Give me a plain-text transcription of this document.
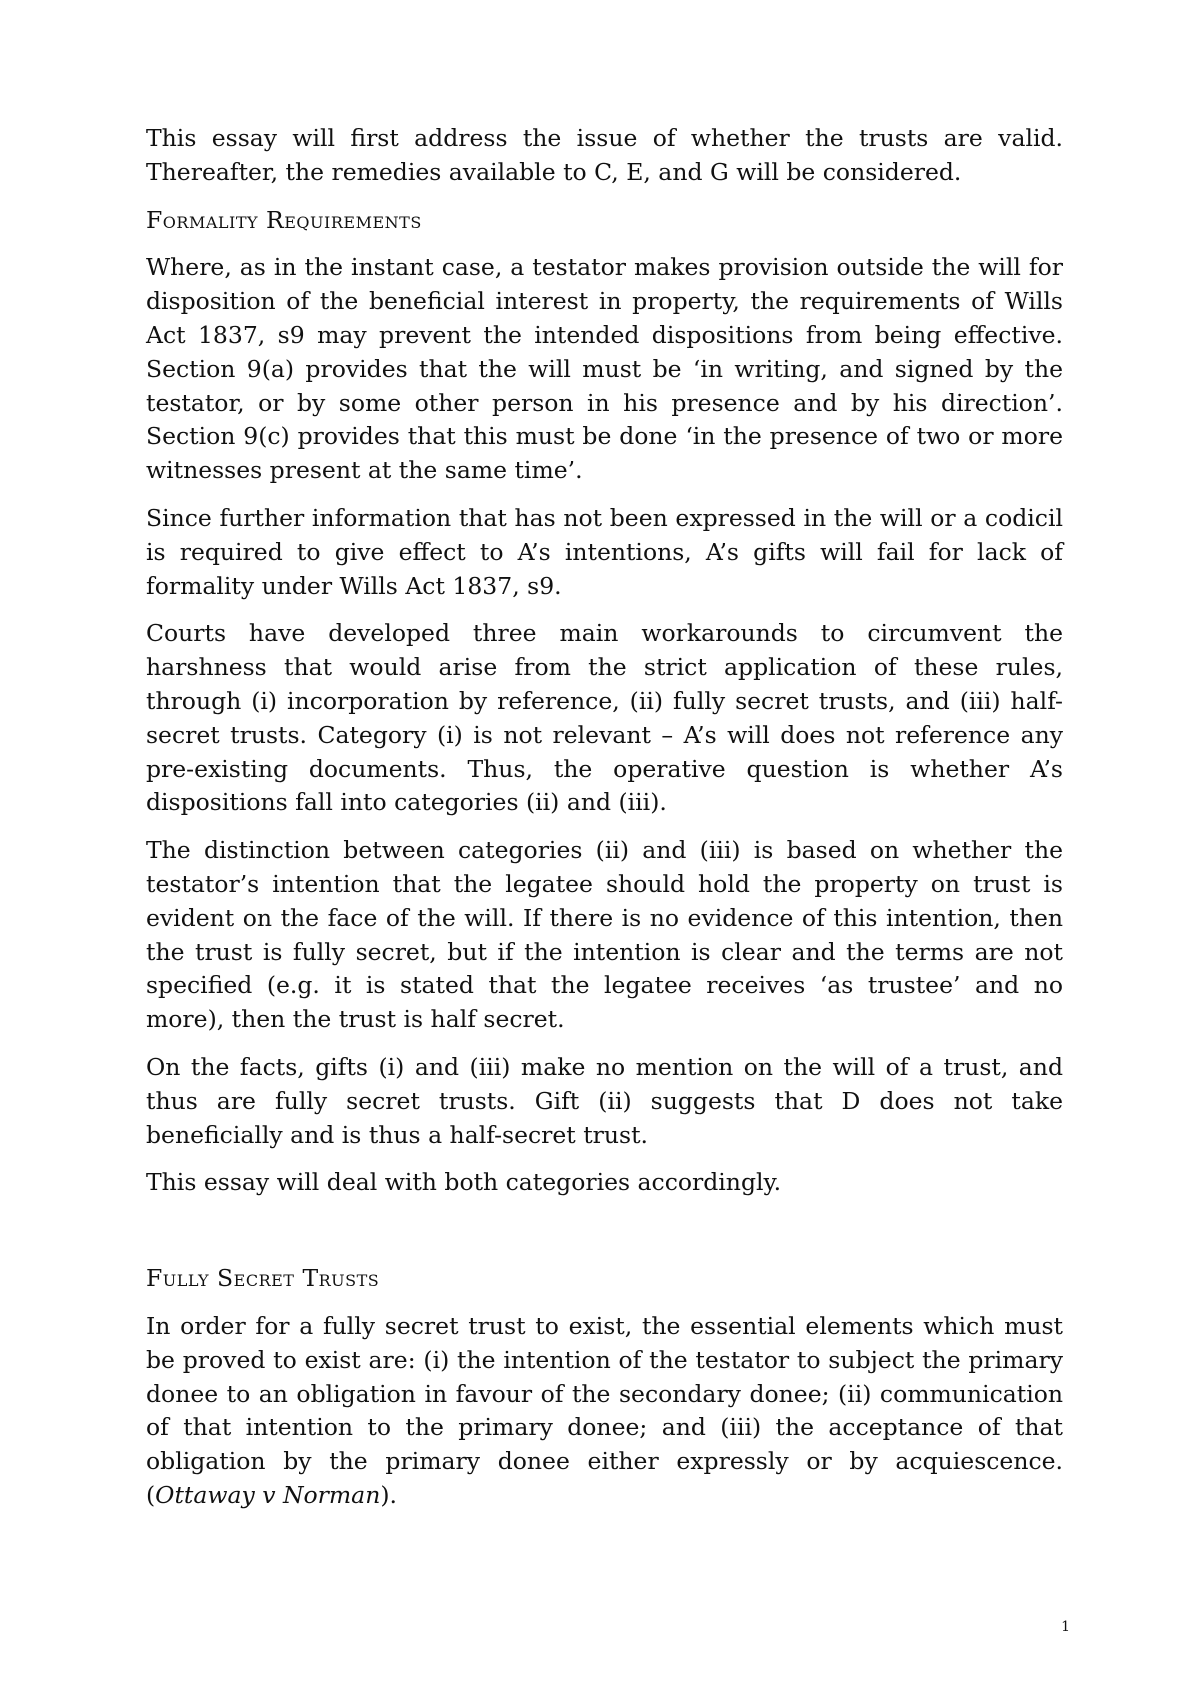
This essay will first address the issue of whether the trusts are valid. Thereafter, the remedies available to C, E, and G will be considered.

Formality Requirements

Where, as in the instant case, a testator makes provision outside the will for disposition of the beneficial interest in property, the requirements of Wills Act 1837, s9 may prevent the intended dispositions from being effective. Section 9(a) provides that the will must be ‘in writing, and signed by the testator, or by some other person in his presence and by his direction’. Section 9(c) provides that this must be done ‘in the presence of two or more witnesses present at the same time’.

Since further information that has not been expressed in the will or a codicil is required to give effect to A’s intentions, A’s gifts will fail for lack of formality under Wills Act 1837, s9.

Courts have developed three main workarounds to circumvent the harshness that would arise from the strict application of these rules, through (i) incorporation by reference, (ii) fully secret trusts, and (iii) half-secret trusts. Category (i) is not relevant – A’s will does not reference any pre-existing documents. Thus, the operative question is whether A’s dispositions fall into categories (ii) and (iii).

The distinction between categories (ii) and (iii) is based on whether the testator’s intention that the legatee should hold the property on trust is evident on the face of the will. If there is no evidence of this intention, then the trust is fully secret, but if the intention is clear and the terms are not specified (e.g. it is stated that the legatee receives ‘as trustee’ and no more), then the trust is half secret.

On the facts, gifts (i) and (iii) make no mention on the will of a trust, and thus are fully secret trusts. Gift (ii) suggests that D does not take beneficially and is thus a half-secret trust.

This essay will deal with both categories accordingly.

Fully Secret Trusts

In order for a fully secret trust to exist, the essential elements which must be proved to exist are: (i) the intention of the testator to subject the primary donee to an obligation in favour of the secondary donee; (ii) communication of that intention to the primary donee; and (iii) the acceptance of that obligation by the primary donee either expressly or by acquiescence. (Ottaway v Norman).

1
